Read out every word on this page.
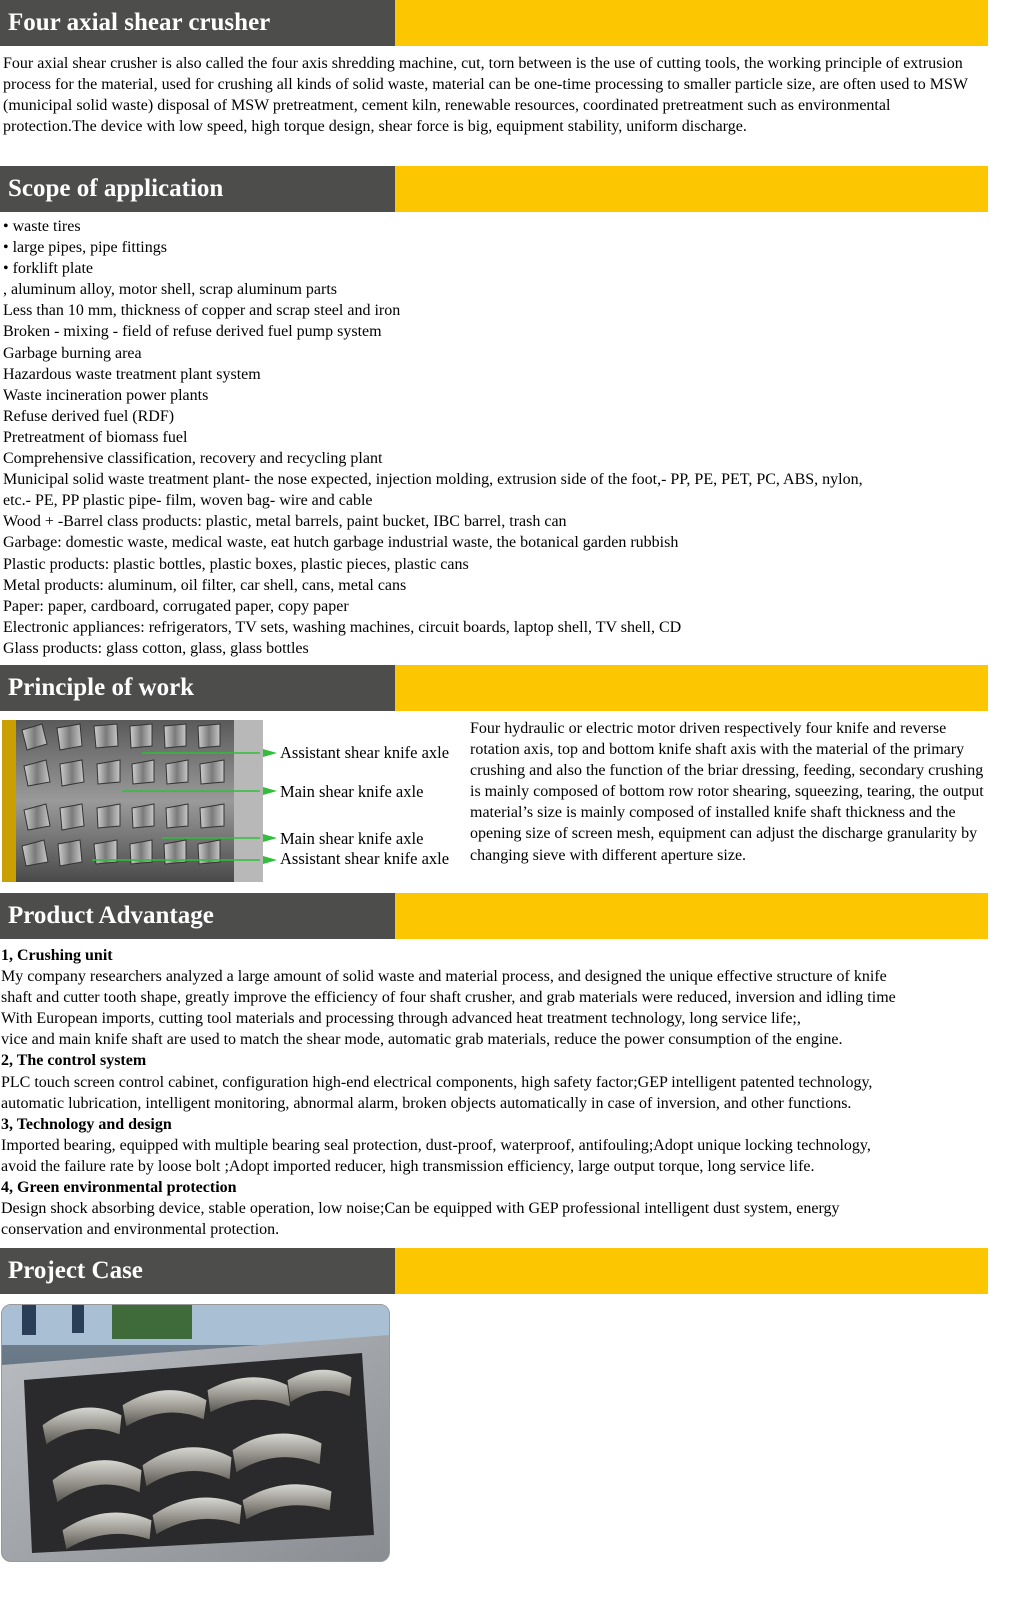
Four axial shear crusher

Four axial shear crusher is also called the four axis shredding machine, cut, torn between is the use of cutting tools, the working principle of extrusion process for the material, used for crushing all kinds of solid waste, material can be one-time processing to smaller particle size, are often used to MSW (municipal solid waste) disposal of MSW pretreatment, cement kiln, renewable resources, coordinated pretreatment such as environmental protection.The device with low speed, high torque design, shear force is big, equipment stability, uniform discharge.

Scope of application
• waste tires
• large pipes, pipe fittings
• forklift plate
, aluminum alloy, motor shell, scrap aluminum parts
Less than 10 mm, thickness of copper and scrap steel and iron
Broken - mixing - field of refuse derived fuel pump system
Garbage burning area
Hazardous waste treatment plant system
Waste incineration power plants
Refuse derived fuel (RDF)
Pretreatment of biomass fuel
Comprehensive classification, recovery and recycling plant
Municipal solid waste treatment plant- the nose expected, injection molding, extrusion side of the foot,- PP, PE, PET, PC, ABS, nylon,
etc.- PE, PP plastic pipe- film, woven bag- wire and cable
Wood + -Barrel class products: plastic, metal barrels, paint bucket, IBC barrel, trash can
Garbage: domestic waste, medical waste, eat hutch garbage industrial waste, the botanical garden rubbish
Plastic products: plastic bottles, plastic boxes, plastic pieces, plastic cans
Metal products: aluminum, oil filter, car shell, cans, metal cans
Paper: paper, cardboard, corrugated paper, copy paper
Electronic appliances: refrigerators, TV sets, washing machines, circuit boards, laptop shell, TV shell, CD
Glass products: glass cotton, glass, glass bottles
Principle of work
Assistant shear knife axle
Main shear knife axle
Main shear knife axle
Assistant shear knife axle

Four hydraulic or electric motor driven respectively four knife and reverse rotation axis, top and bottom knife shaft axis with the material of the primary crushing and also the function of the briar dressing, feeding, secondary crushing is mainly composed of bottom row rotor shearing, squeezing, tearing, the output material’s size is mainly composed of installed knife shaft thickness and the opening size of screen mesh, equipment can adjust the discharge granularity by changing sieve with different aperture size.

Product Advantage
1, Crushing unit
My company researchers analyzed a large amount of solid waste and material process, and designed the unique effective structure of knife
shaft and cutter tooth shape, greatly improve the efficiency of four shaft crusher, and grab materials were reduced, inversion and idling time
With European imports, cutting tool materials and processing through advanced heat treatment technology, long service life;,
vice and main knife shaft are used to match the shear mode, automatic grab materials, reduce the power consumption of the engine.
2, The control system
PLC touch screen control cabinet, configuration high-end electrical components, high safety factor;GEP intelligent patented technology,
automatic lubrication, intelligent monitoring, abnormal alarm, broken objects automatically in case of inversion, and other functions.
3, Technology and design
Imported bearing, equipped with multiple bearing seal protection, dust-proof, waterproof, antifouling;Adopt unique locking technology,
avoid the failure rate by loose bolt ;Adopt imported reducer, high transmission efficiency, large output torque, long service life.
4, Green environmental protection
Design shock absorbing device, stable operation, low noise;Can be equipped with GEP professional intelligent dust system, energy
conservation and environmental protection.
Project Case
